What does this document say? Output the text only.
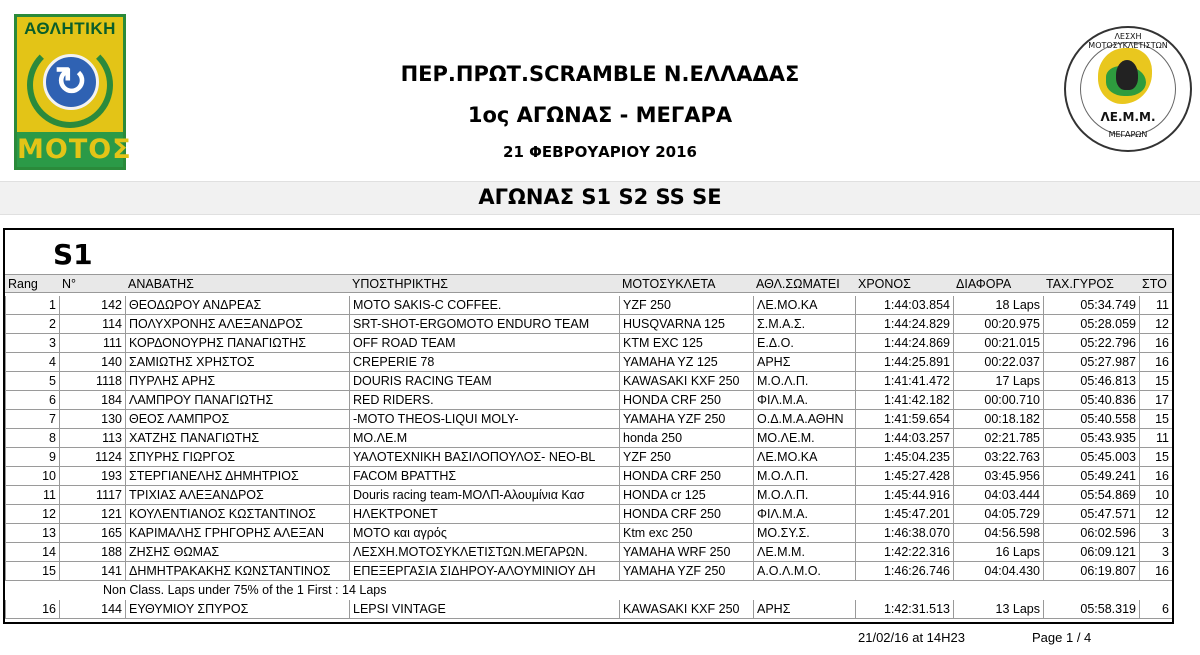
ΑΘΛΗΤΙΚΗ
↻
ΜΟΤΟΣ
ΛΕΣΧΗ ΜΟΤΟΣΥΚΛΕΤΙΣΤΩΝ
ΛΕ.Μ.Μ.
ΜΕΓΑΡΩΝ
ΠΕΡ.ΠΡΩΤ.SCRAMBLE Ν.ΕΛΛΑΔΑΣ
1ος ΑΓΩΝΑΣ - ΜΕΓΑΡΑ
21 ΦΕΒΡΟΥΑΡΙΟΥ 2016
ΑΓΩΝΑΣ S1 S2 SS SE
S1
Rang	N°	ΑΝΑΒΑΤΗΣ	ΥΠΟΣΤΗΡΙΚΤΗΣ	ΜΟΤΟΣΥΚΛΕΤΑ	ΑΘΛ.ΣΩΜΑΤΕΙ	ΧΡΟΝΟΣ	ΔΙΑΦΟΡΑ	ΤΑΧ.ΓΥΡΟΣ	ΣΤΟ
1	142 ΘΕΟΔΩΡΟΥ ΑΝΔΡΕΑΣ	MOTO SAKIS-C COFFEE.	YZF 250	ΛΕ.ΜΟ.ΚΑ	1:44:03.854	18 Laps	05:34.749	11
2	114 ΠΟΛΥΧΡΟΝΗΣ ΑΛΕΞΑΝΔΡΟΣ	SRT-SHOT-ERGOMOTO ENDURO TEAM	HUSQVARNA 125	Σ.Μ.Α.Σ.	1:44:24.829	00:20.975	05:28.059	12
3	111 ΚΟΡΔΟΝΟΥΡΗΣ ΠΑΝΑΓΙΩΤΗΣ	OFF ROAD TEAM	KTM EXC 125	Ε.Δ.Ο.	1:44:24.869	00:21.015	05:22.796	16
4	140 ΣΑΜΙΩΤΗΣ ΧΡΗΣΤΟΣ	CREPERIE 78	YAMAHA YZ 125	ΑΡΗΣ	1:44:25.891	00:22.037	05:27.987	16
5	1118 ΠΥΡΛΗΣ ΑΡΗΣ	DOURIS RACING TEAM	KAWASAKI KXF 250	Μ.Ο.Λ.Π.	1:41:41.472	17 Laps	05:46.813	15
6	184 ΛΑΜΠΡΟΥ ΠΑΝΑΓΙΩΤΗΣ	RED RIDERS.	HONDA CRF 250	ΦΙΛ.Μ.Α.	1:41:42.182	00:00.710	05:40.836	17
7	130 ΘΕΟΣ ΛΑΜΠΡΟΣ	-MOTO THEOS-LIQUI MOLY-	YAMAHA YZF 250	Ο.Δ.Μ.Α.ΑΘΗΝ	1:41:59.654	00:18.182	05:40.558	15
8	113 ΧΑΤΖΗΣ ΠΑΝΑΓΙΩΤΗΣ	ΜΟ.ΛΕ.Μ	honda 250	ΜΟ.ΛΕ.Μ.	1:44:03.257	02:21.785	05:43.935	11
9	1124 ΣΠΥΡΗΣ ΓΙΩΡΓΟΣ	ΥΑΛΟΤΕΧΝΙΚΗ ΒΑΣΙΛΟΠΟΥΛΟΣ- NEO-BL	YZF 250	ΛΕ.ΜΟ.ΚΑ	1:45:04.235	03:22.763	05:45.003	15
10	193 ΣΤΕΡΓΙΑΝΕΛΗΣ ΔΗΜΗΤΡΙΟΣ	FACOM ΒΡΑΤΤΗΣ	HONDA CRF 250	Μ.Ο.Λ.Π.	1:45:27.428	03:45.956	05:49.241	16
11	1117 ΤΡΙΧΙΑΣ ΑΛΕΞΑΝΔΡΟΣ	Douris racing team-ΜΟΛΠ-Αλουμίνια Κασ	HONDA cr 125	Μ.Ο.Λ.Π.	1:45:44.916	04:03.444	05:54.869	10
12	121 ΚΟΥΛΕΝΤΙΑΝΟΣ ΚΩΣΤΑΝΤΙΝΟΣ	ΗΛΕΚΤΡΟΝΕΤ	HONDA CRF 250	ΦΙΛ.Μ.Α.	1:45:47.201	04:05.729	05:47.571	12
13	165 ΚΑΡΙΜΑΛΗΣ ΓΡΗΓΟΡΗΣ ΑΛΕΞΑΝ	ΜΟΤΟ και αγρός	Ktm exc 250	ΜΟ.ΣΥ.Σ.	1:46:38.070	04:56.598	06:02.596	3
14	188 ΖΗΣΗΣ ΘΩΜΑΣ	ΛΕΣΧΗ.ΜΟΤΟΣΥΚΛΕΤΙΣΤΩΝ.ΜΕΓΑΡΩΝ.	YAMAHA WRF 250	ΛΕ.Μ.Μ.	1:42:22.316	16 Laps	06:09.121	3
15	141 ΔΗΜΗΤΡΑΚΑΚΗΣ ΚΩΝΣΤΑΝΤΙΝΟΣ	ΕΠΕΞΕΡΓΑΣΙΑ ΣΙΔΗΡΟΥ-ΑΛΟΥΜΙΝΙΟΥ ΔΗ	YAMAHA YZF 250	Α.Ο.Λ.Μ.Ο.	1:46:26.746	04:04.430	06:19.807	16
Non Class. Laps under 75% of the 1 First : 14 Laps
16	144 ΕΥΘΥΜΙΟΥ ΣΠΥΡΟΣ	LEPSI VINTAGE	KAWASAKI KXF 250	ΑΡΗΣ	1:42:31.513	13 Laps	05:58.319	6
21/02/16 at 14H23	Page 1 / 4
